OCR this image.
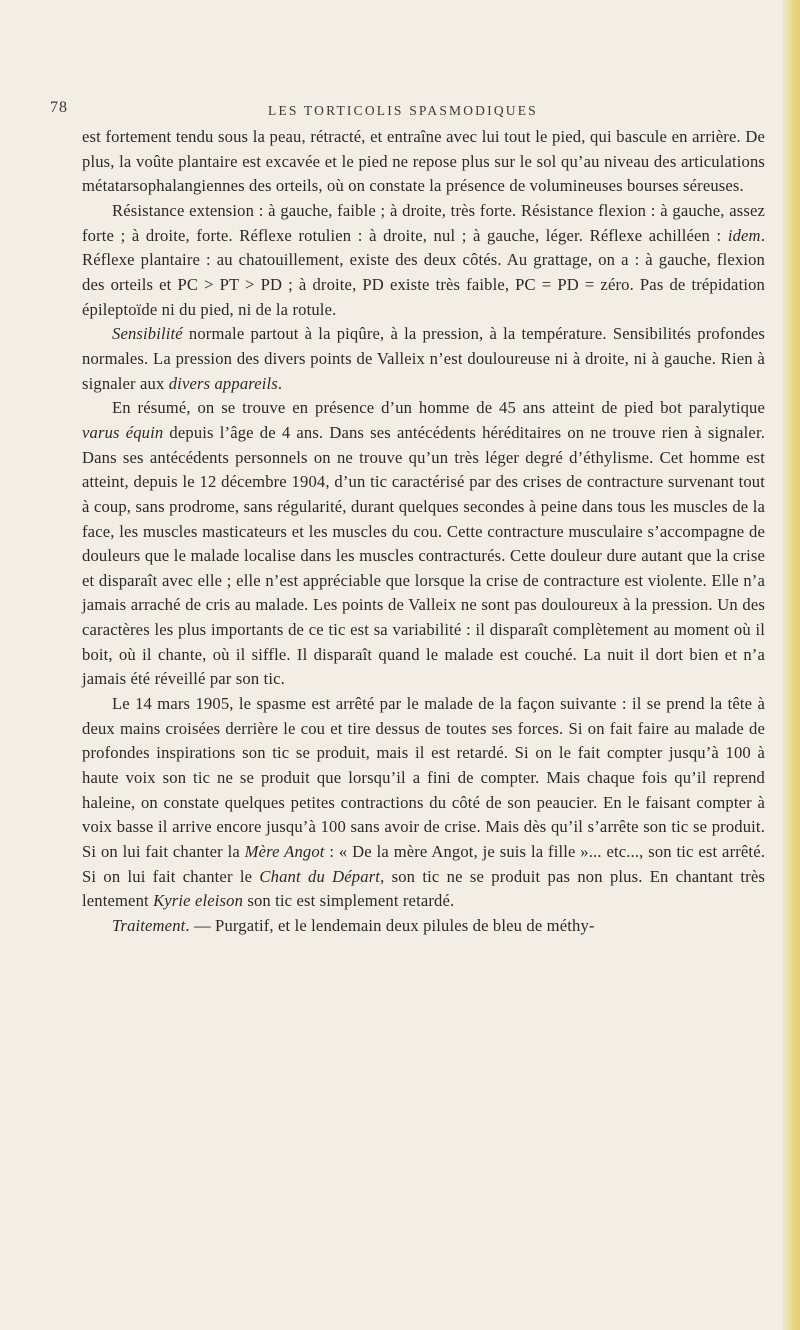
78	LES TORTICOLIS SPASMODIQUES

est fortement tendu sous la peau, rétracté, et entraîne avec lui tout le pied, qui bascule en arrière. De plus, la voûte plantaire est excavée et le pied ne repose plus sur le sol qu’au niveau des articulations métatarsophalangiennes des orteils, où on constate la présence de volumineuses bourses séreuses.

Résistance extension : à gauche, faible ; à droite, très forte. Résistance flexion : à gauche, assez forte ; à droite, forte. Réflexe rotulien : à droite, nul ; à gauche, léger. Réflexe achilléen : idem. Réflexe plantaire : au chatouillement, existe des deux côtés. Au grattage, on a : à gauche, flexion des orteils et PC > PT > PD ; à droite, PD existe très faible, PC = PD = zéro. Pas de trépidation épileptoïde ni du pied, ni de la rotule.

Sensibilité normale partout à la piqûre, à la pression, à la température. Sensibilités profondes normales. La pression des divers points de Valleix n’est douloureuse ni à droite, ni à gauche. Rien à signaler aux divers appareils.

En résumé, on se trouve en présence d’un homme de 45 ans atteint de pied bot paralytique varus équin depuis l’âge de 4 ans. Dans ses antécédents héréditaires on ne trouve rien à signaler. Dans ses antécédents personnels on ne trouve qu’un très léger degré d’éthylisme. Cet homme est atteint, depuis le 12 décembre 1904, d’un tic caractérisé par des crises de contracture survenant tout à coup, sans prodrome, sans régularité, durant quelques secondes à peine dans tous les muscles de la face, les muscles masticateurs et les muscles du cou. Cette contracture musculaire s’accompagne de douleurs que le malade localise dans les muscles contracturés. Cette douleur dure autant que la crise et disparaît avec elle ; elle n’est appréciable que lorsque la crise de contracture est violente. Elle n’a jamais arraché de cris au malade. Les points de Valleix ne sont pas douloureux à la pression. Un des caractères les plus importants de ce tic est sa variabilité : il disparaît complètement au moment où il boit, où il chante, où il siffle. Il disparaît quand le malade est couché. La nuit il dort bien et n’a jamais été réveillé par son tic.

Le 14 mars 1905, le spasme est arrêté par le malade de la façon suivante : il se prend la tête à deux mains croisées derrière le cou et tire dessus de toutes ses forces. Si on fait faire au malade de profondes inspirations son tic se produit, mais il est retardé. Si on le fait compter jusqu’à 100 à haute voix son tic ne se produit que lorsqu’il a fini de compter. Mais chaque fois qu’il reprend haleine, on constate quelques petites contractions du côté de son peaucier. En le faisant compter à voix basse il arrive encore jusqu’à 100 sans avoir de crise. Mais dès qu’il s’arrête son tic se produit. Si on lui fait chanter la Mère Angot : « De la mère Angot, je suis la fille »... etc..., son tic est arrêté. Si on lui fait chanter le Chant du Départ, son tic ne se produit pas non plus. En chantant très lentement Kyrie eleison son tic est simplement retardé.

Traitement. — Purgatif, et le lendemain deux pilules de bleu de méthy-
